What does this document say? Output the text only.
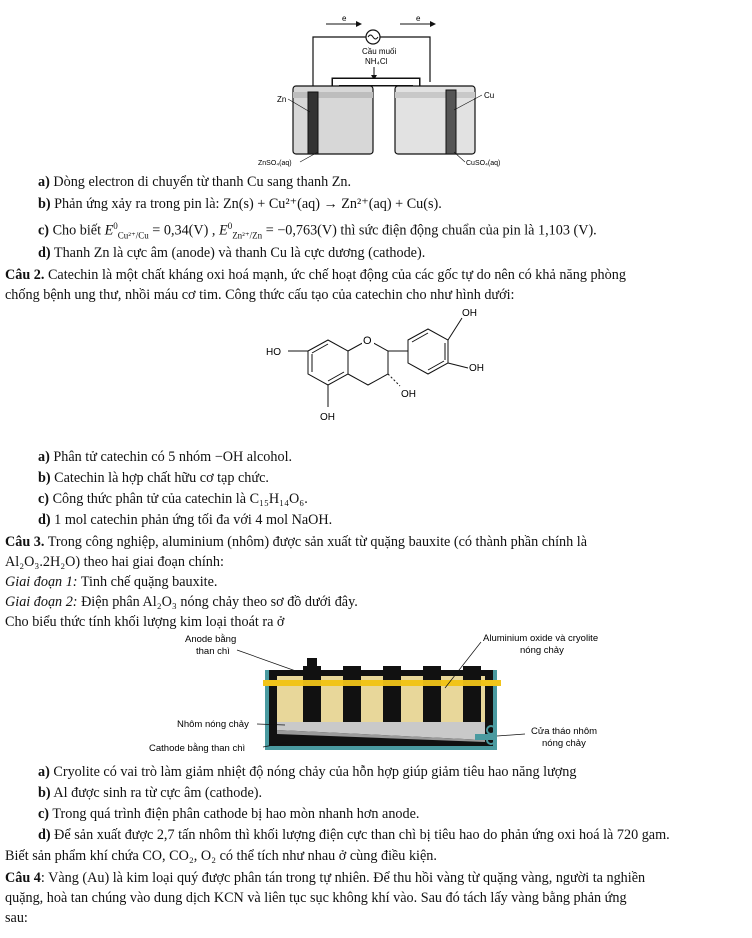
e	e
Cầu muối
NH₄Cl
Zn	Cu
ZnSO₄(aq)	CuSO₄(aq)
a) Dòng electron di chuyển từ thanh Cu sang thanh Zn.
b) Phản ứng xảy ra trong pin là: Zn(s) + Cu²⁺(aq) → Zn²⁺(aq) + Cu(s).
c) Cho biết $E^0_{Cu^{2+}/Cu} = 0,34(V)$ , $E^0_{Zn^{2+}/Zn} = -0,763(V)$ thì sức điện động chuẩn của pin là 1,103 (V).
d) Thanh Zn là cực âm (anode) và thanh Cu là cực dương (cathode).
Câu 2. Catechin là một chất kháng oxi hoá mạnh, ức chế hoạt động của các gốc tự do nên có khả năng phòng
chống bệnh ung thư, nhồi máu cơ tim. Công thức cấu tạo của catechin cho như hình dưới:
O
OH
OH
HO
OH
OH
a) Phân tử catechin có 5 nhóm −OH alcohol.
b) Catechin là hợp chất hữu cơ tạp chức.
c) Công thức phân tử của catechin là C₁₅H₁₄O₆.
d) 1 mol catechin phản ứng tối đa với 4 mol NaOH.
Câu 3. Trong công nghiệp, aluminium (nhôm) được sản xuất từ quặng bauxite (có thành phần chính là
Al₂O₃.2H₂O) theo hai giai đoạn chính:
Giai đoạn 1: Tinh chế quặng bauxite.
Giai đoạn 2: Điện phân Al₂O₃ nóng chảy theo sơ đồ dưới đây.
Cho biểu thức tính khối lượng kim loại thoát ra ở
Anode bằng
than chì
Aluminium oxide và cryolite
nóng chảy
Nhôm nóng chảy
Cathode bằng than chì
Cửa tháo nhôm
nóng chảy
a) Cryolite có vai trò làm giảm nhiệt độ nóng chảy của hỗn hợp giúp giảm tiêu hao năng lượng
b) Al được sinh ra từ cực âm (cathode).
c) Trong quá trình điện phân cathode bị hao mòn nhanh hơn anode.
d) Để sản xuất được 2,7 tấn nhôm thì khối lượng điện cực than chì bị tiêu hao do phản ứng oxi hoá là 720 gam.
Biết sản phẩm khí chứa CO, CO₂, O₂ có thể tích như nhau ở cùng điều kiện.
Câu 4: Vàng (Au) là kim loại quý được phân tán trong tự nhiên. Để thu hồi vàng từ quặng vàng, người ta nghiền
quặng, hoà tan chúng vào dung dịch KCN và liên tục sục không khí vào. Sau đó tách lấy vàng bằng phản ứng
sau:
